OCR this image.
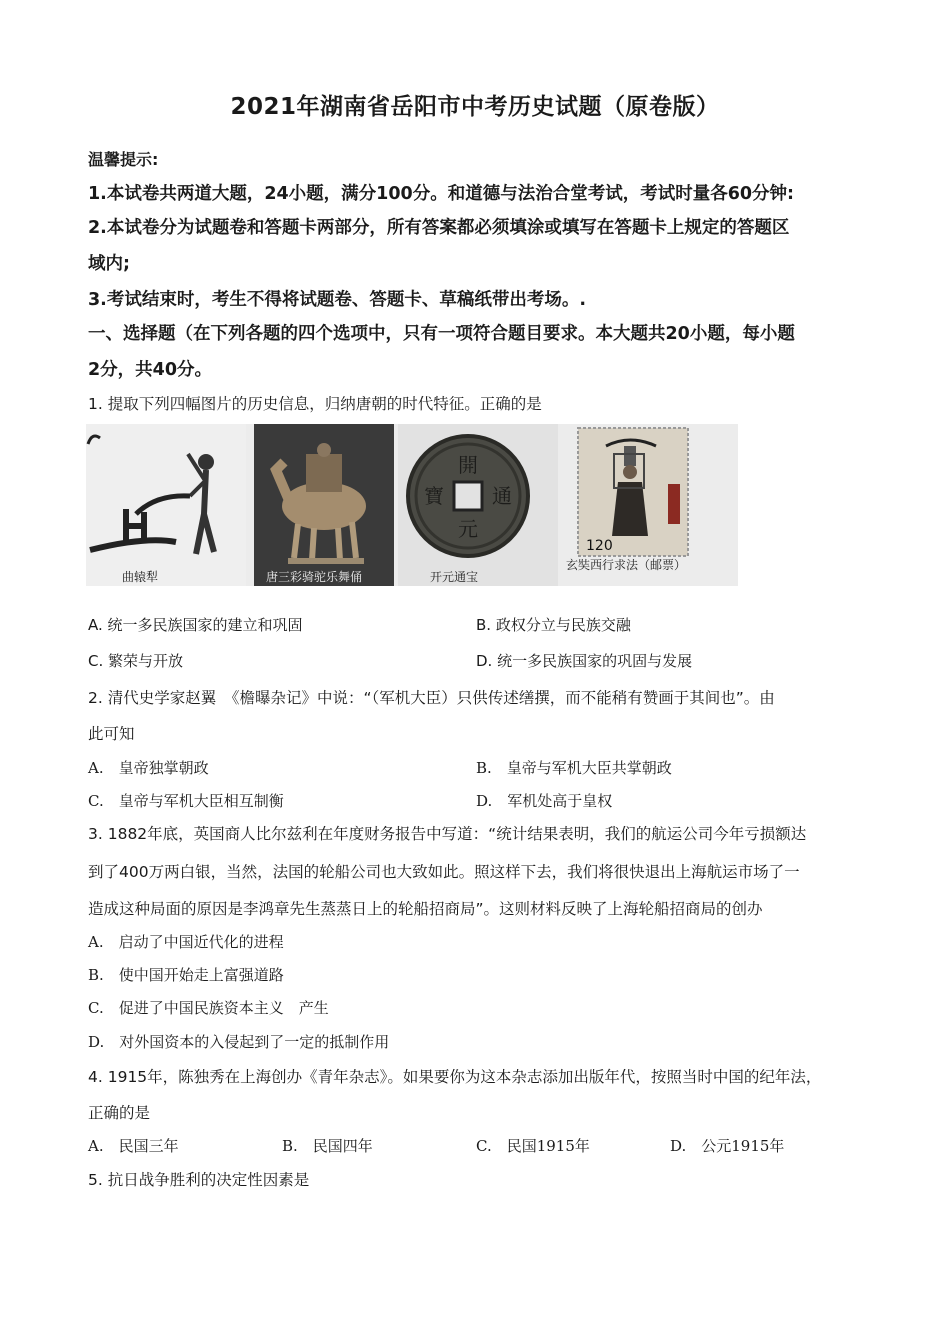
2021年湖南省岳阳市中考历史试题（原卷版）
温馨提示:
1.本试卷共两道大题，24小题，满分100分。和道德与法治合堂考试，考试时量各60分钟:
2.本试卷分为试题卷和答题卡两部分，所有答案都必须填涂或填写在答题卡上规定的答题区
域内;
3.考试结束时，考生不得将试题卷、答题卡、草稿纸带出考场。.
一、选择题（在下列各题的四个选项中，只有一项符合题目要求。本大题共20小题，每小题
2分，共40分。
1. 提取下列四幅图片的历史信息，归纳唐朝的时代特征。正确的是
曲辕犁	唐三彩骑驼乐舞俑
開
元
通
寶
开元通宝
120
玄奘西行求法（邮票）
A. 统一多民族国家的建立和巩固	B. 政权分立与民族交融
C. 繁荣与开放	D. 统一多民族国家的巩固与发展
2. 清代史学家赵翼　《檐曝杂记》中说：“（军机大臣）只供传述缮撰，而不能稍有赞画于其间也”。由
此可知
A.　皇帝独掌朝政	B.　皇帝与军机大臣共掌朝政
C.　皇帝与军机大臣相互制衡	D.　军机处高于皇权
3. 1882年底，英国商人比尔兹利在年度财务报告中写道：“统计结果表明，我们的航运公司今年亏损额达
到了400万两白银，当然，法国的轮船公司也大致如此。照这样下去，我们将很快退出上海航运市场了一
造成这种局面的原因是李鸿章先生蒸蒸日上的轮船招商局”。这则材料反映了上海轮船招商局的创办
A.　启动了中国近代化的进程
B.　使中国开始走上富强道路
C.　促进了中国民族资本主义　产生
D.　对外国资本的入侵起到了一定的抵制作用
4. 1915年，陈独秀在上海创办《青年杂志》。如果要你为这本杂志添加出版年代，按照当时中国的纪年法，
正确的是
A.　民国三年	B.　民国四年	C.　民国1915年	D.　公元1915年
5. 抗日战争胜利的决定性因素是
